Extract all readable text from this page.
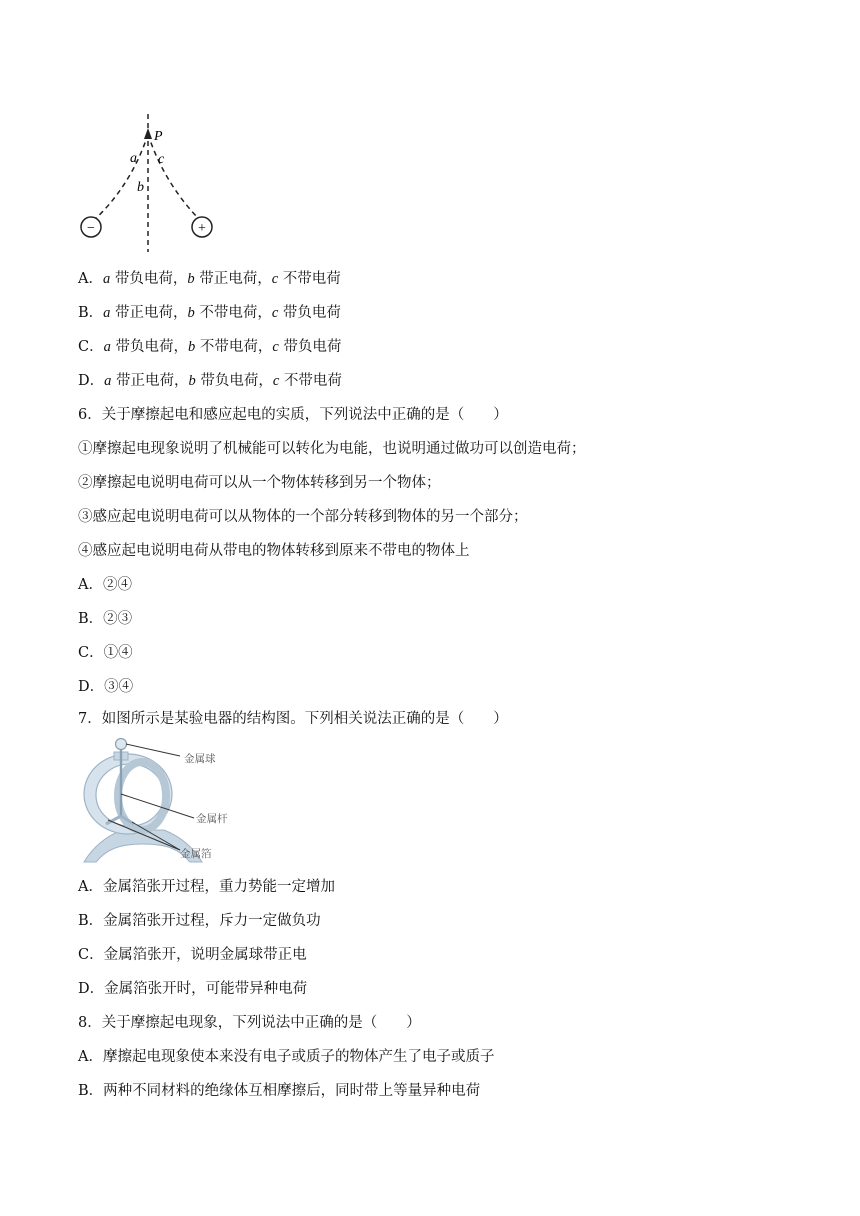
P
a
b
c
−	+
A．a 带负电荷，b 带正电荷，c 不带电荷
B．a 带正电荷，b 不带电荷，c 带负电荷
C．a 带负电荷，b 不带电荷，c 带负电荷
D．a 带正电荷，b 带负电荷，c 不带电荷
6．关于摩擦起电和感应起电的实质，下列说法中正确的是（　　）
①摩擦起电现象说明了机械能可以转化为电能，也说明通过做功可以创造电荷；
②摩擦起电说明电荷可以从一个物体转移到另一个物体；
③感应起电说明电荷可以从物体的一个部分转移到物体的另一个部分；
④感应起电说明电荷从带电的物体转移到原来不带电的物体上
A．②④
B．②③
C．①④
D．③④
7．如图所示是某验电器的结构图。下列相关说法正确的是（　　）
金属球
金属杆
金属箔
A．金属箔张开过程，重力势能一定增加
B．金属箔张开过程，斥力一定做负功
C．金属箔张开，说明金属球带正电
D．金属箔张开时，可能带异种电荷
8．关于摩擦起电现象，下列说法中正确的是（　　）
A．摩擦起电现象使本来没有电子或质子的物体产生了电子或质子
B．两种不同材料的绝缘体互相摩擦后，同时带上等量异种电荷
